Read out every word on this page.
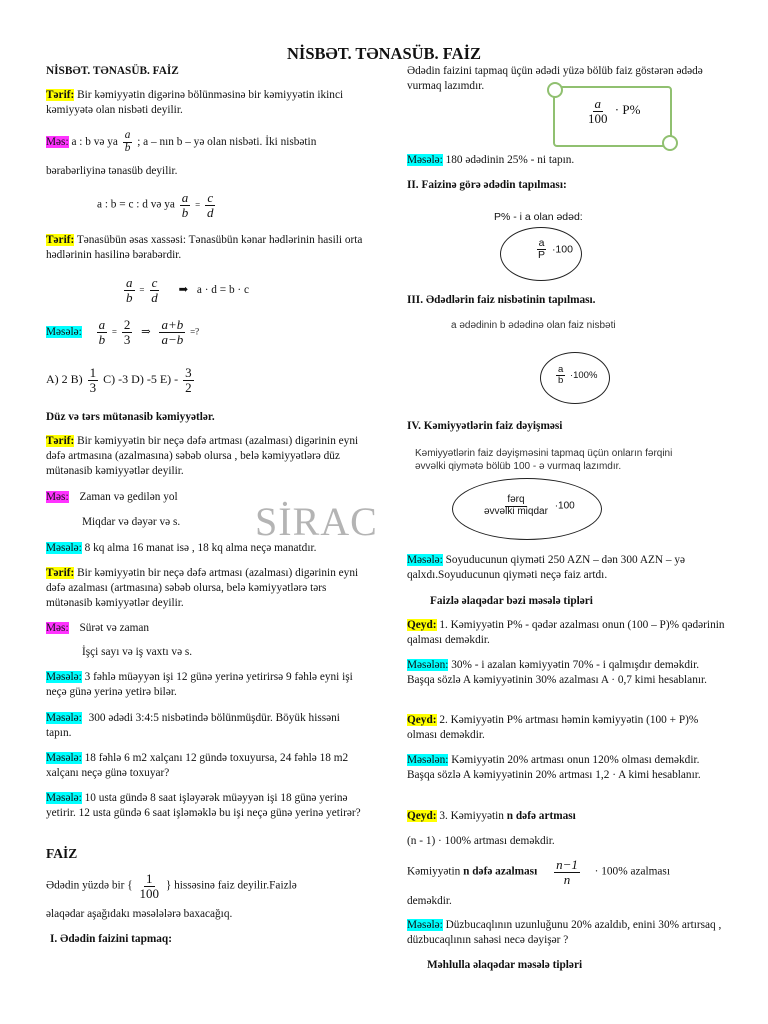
NİSBƏT. TƏNASÜB. FAİZ
SİRAC
NİSBƏT. TƏNASÜB. FAİZ
Tərif: Bir kəmiyyətin digərinə bölünməsinə bir kəmiyyətin ikinci kəmiyyətə olan nisbəti deyilir.
Məs: a : b və ya $\frac{a}{b}$ ; a – nın b – yə olan nisbəti. İki nisbətin
bərabərliyinə tənasüb deyilir.
a : b = c : d və ya $\frac{a}{b} = \frac{c}{d}$
Tərif: Tənasübün əsas xassəsi: Tənasübün kənar hədlərinin hasili orta hədlərinin hasilinə bərabərdir.
$\frac{a}{b} = \frac{c}{d}$ ➡ a · d = b · c
Məsələ: $\frac{a}{b} = \frac{2}{3}$ ⇒ $\frac{a+b}{a-b}$ =?
A) 2 $B) \frac{1}{3} C$) -3 D) -5 $E) - \frac{3}{2}$
Düz və tərs mütənasib kəmiyyətlər.
Tərif: Bir kəmiyyətin bir neçə dəfə artması (azalması) digərinin eyni dəfə artmasına (azalmasına) səbəb olursa , belə kəmiyyətlərə düz mütənasib kəmiyyətlər deyilir.
Məs: Zaman və gedilən yol
Miqdar və dəyər və s.
Məsələ: 8 kq alma 16 manat isə , 18 kq alma neçə manatdır.
Tərif: Bir kəmiyyətin bir neçə dəfə artması (azalması) digərinin eyni dəfə azalması (artmasına) səbəb olursa, belə kəmiyyətlərə tərs mütənasib kəmiyyətlər deyilir.
Məs: Sürət və zaman
İşçi sayı və iş vaxtı və s.
Məsələ: 3 fəhlə müəyyən işi 12 günə yerinə yetirirsə 9 fəhlə eyni işi neçə günə yerinə yetirə bilər.
Məsələ: 300 ədədi 3:4:5 nisbətində bölünmüşdür. Böyük hissəni tapın.
Məsələ: 18 fəhlə 6 m2 xalçanı 12 gündə toxuyursa, 24 fəhlə 18 m2 xalçanı neçə günə toxuyar?
Məsələ: 10 usta gündə 8 saat işləyərək müəyyən işi 18 günə yerinə yetirir. 12 usta gündə 6 saat işləməklə bu işi neçə günə yerinə yetirər?
FAİZ
Ədədin yüzdə bir { $\frac{1}{100}$ } hissəsinə faiz deyilir.Faizlə
əlaqədar aşağıdakı məsələlərə baxacağıq.
I. Ədədin faizini tapmaq:
Ədədin faizini tapmaq üçün ədədi yüzə bölüb faiz göstərən ədədə vurmaq lazımdır.
$\frac{a}{100} \cdot P\%$
Məsələ: 180 ədədinin 25% - ni tapın.
II. Faizinə görə ədədin tapılması:
P% - i a olan ədəd:
$\frac{a}{P} \cdot 100$
III. Ədədlərin faiz nisbətinin tapılması.
a ədədinin b ədədinə olan faiz nisbəti
$\frac{a}{b} \cdot 100\%$
IV. Kəmiyyətlərin faiz dəyişməsi
Kəmiyyətlərin faiz dəyişməsini tapmaq üçün onların fərqini əvvəlki qiymətə bölüb 100 - ə vurmaq lazımdır.
$\frac{\text{fərq}}{\text{əvvəlki miqdar}} \cdot 100$
Məsələ: Soyuducunun qiyməti 250 AZN – dən 300 AZN – yə qalxdı.Soyuducunun qiyməti neçə faiz artdı.
Faizlə əlaqədar bəzi məsələ tipləri
Qeyd: 1. Kəmiyyətin P% - qədər azalması onun (100 – P)% qədərinin qalması deməkdir.
Məsələn: 30% - i azalan kəmiyyətin 70% - i qalmışdır deməkdir. Başqa sözlə A kəmiyyətinin 30% azalması A · 0,7 kimi hesablanır.
Qeyd: 2. Kəmiyyətin P% artması həmin kəmiyyətin (100 + P)% olması deməkdir.
Məsələn: Kəmiyyətin 20% artması onun 120% olması deməkdir. Başqa sözlə A kəmiyyətinin 20% artması 1,2 · A kimi hesablanır.
Qeyd: 3. Kəmiyyətin n dəfə artması
(n - 1) · 100% artması deməkdir.
Kəmiyyətin n dəfə azalması $\frac{n-1}{n} \cdot 100\%$ azalması
deməkdir.
Məsələ: Düzbucaqlının uzunluğunu 20% azaldıb, enini 30% artırsaq , düzbucaqlının sahəsi necə dəyişər ?
Məhlulla əlaqədar məsələ tipləri
